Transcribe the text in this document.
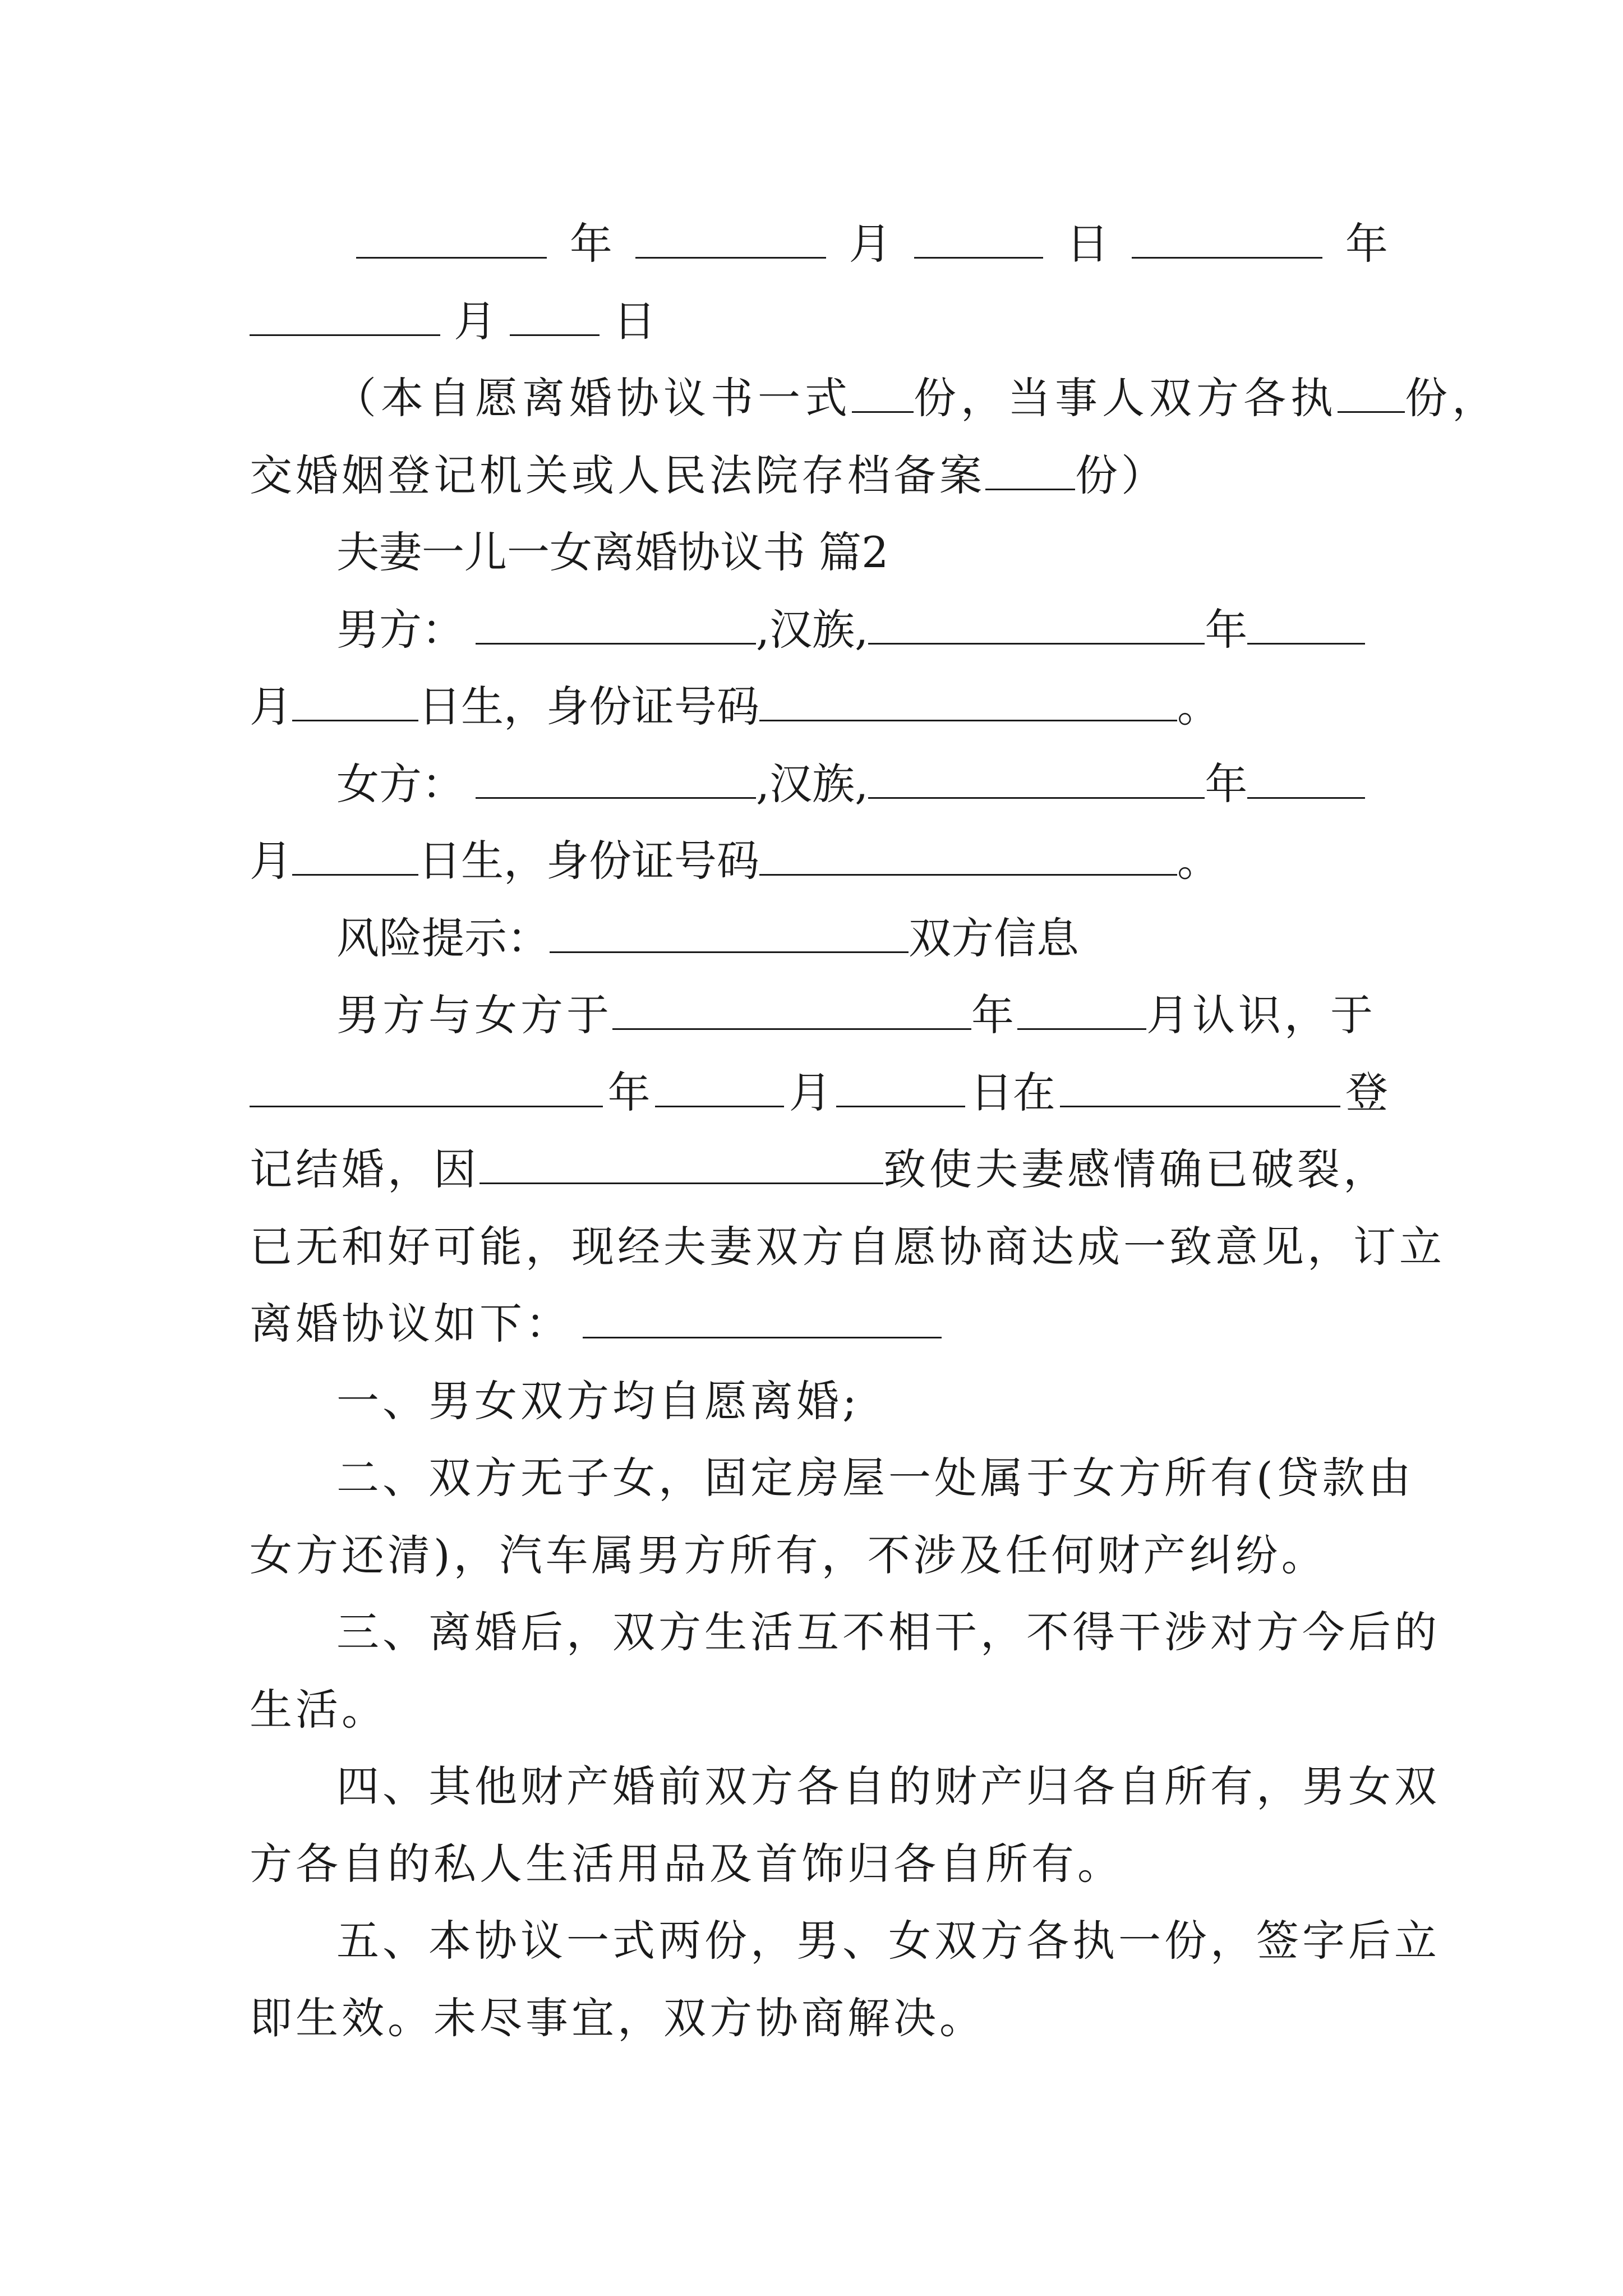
年	月	日	年
月	日
（本自愿离婚协议书一式 份，当事人双方各执 份，
交婚姻登记机关或人民法院存档备案 份）
夫妻一儿一女离婚协议书 篇2
男方：	,汉族,	年
月	日生，身份证号码	。
女方：	,汉族,	年
月	日生，身份证号码	。
风险提示：	双方信息
男方与女方于	年	月认识，于
年	月	日在	登
记结婚，因	致使夫妻感情确已破裂，
已无和好可能，现经夫妻双方自愿协商达成一致意见，订立
离婚协议如下：
一、男女双方均自愿离婚;
二、双方无子女，固定房屋一处属于女方所有(贷款由
女方还清)，汽车属男方所有，不涉及任何财产纠纷。
三、离婚后，双方生活互不相干，不得干涉对方今后的
生活。
四、其他财产婚前双方各自的财产归各自所有，男女双
方各自的私人生活用品及首饰归各自所有。
五、本协议一式两份，男、女双方各执一份，签字后立
即生效。未尽事宜，双方协商解决。
